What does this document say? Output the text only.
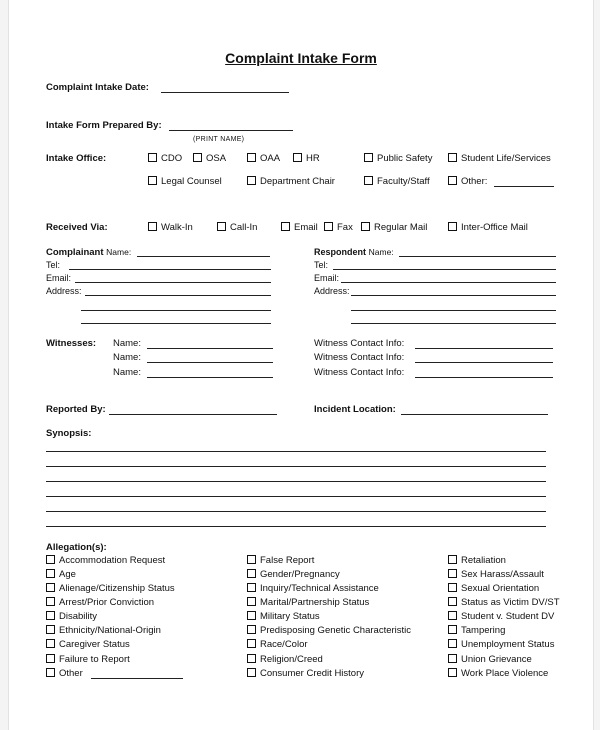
Complaint Intake Form
Complaint Intake Date:
Intake Form Prepared By:
(PRINT NAME)
Intake Office:	CDO	OSA	OAA	HR	Public Safety	Student Life/Services
Legal Counsel	Department Chair	Faculty/Staff	Other:
Received Via:	Walk-In	Call-In	Email	Fax	Regular Mail	Inter-Office Mail
Complainant Name:
Tel:
Email:
Address:
Respondent Name:
Tel:
Email:
Address:
Witnesses: Name:
Name:
Name:
Witness Contact Info:
Witness Contact Info:
Witness Contact Info:
Reported By:	Incident Location:
Synopsis:
Allegation(s):
Accommodation Request
Age
Alienage/Citizenship Status
Arrest/Prior Conviction
Disability
Ethnicity/National-Origin
Caregiver Status
Failure to Report
Other
False Report
Gender/Pregnancy
Inquiry/Technical Assistance
Marital/Partnership Status
Military Status
Predisposing Genetic Characteristic
Race/Color
Religion/Creed
Consumer Credit History
Retaliation
Sex Harass/Assault
Sexual Orientation
Status as Victim DV/ST
Student v. Student DV
Tampering
Unemployment Status
Union Grievance
Work Place Violence
